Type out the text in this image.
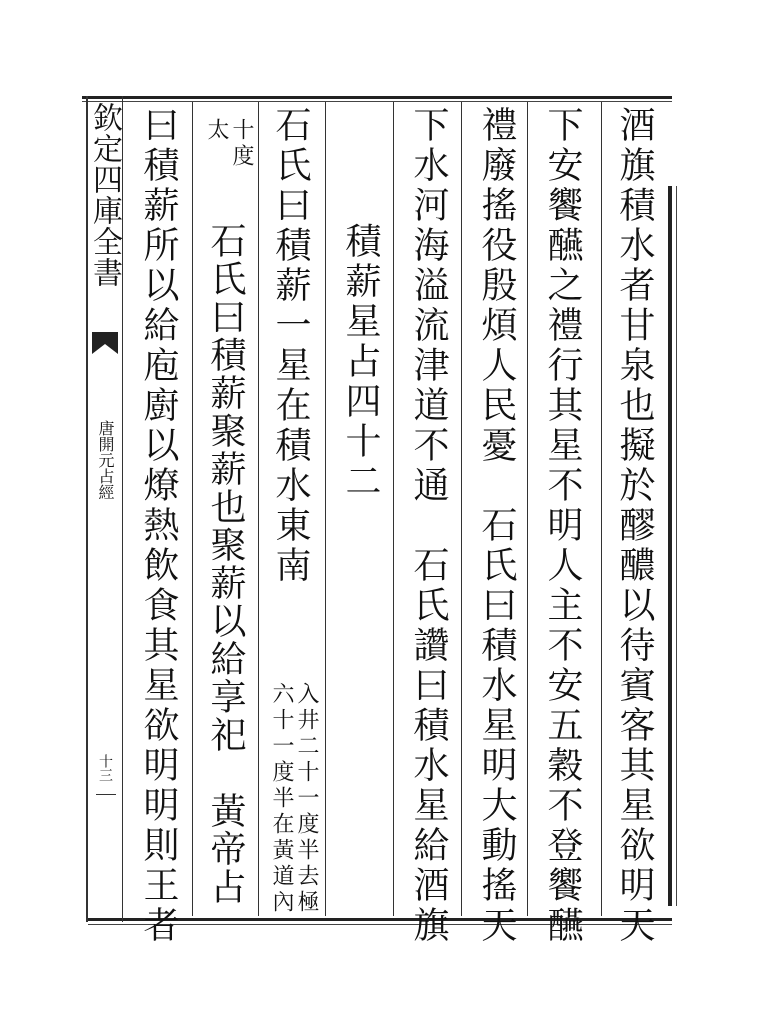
欽定四庫全書
唐開元占經
十三	酒旗積水者甘泉也擬於醪醲以待賓客其星欲明天
下安饗醼之禮行其星不明人主不安五穀不登饗醼
禮廢搖役殷煩人民憂　石氏曰積水星明大動搖天
下水河海溢流津道不通　石氏讚曰積水星給酒旗
積薪星占四十二
石氏曰積薪一星在積水東南
入井二十一度半去極
六十一度半在黃道內
十度
太
石氏曰積薪聚薪也聚薪以給享祀　黃帝占
曰積薪所以給庖廚以燎熱飲食其星欲明明則王者
